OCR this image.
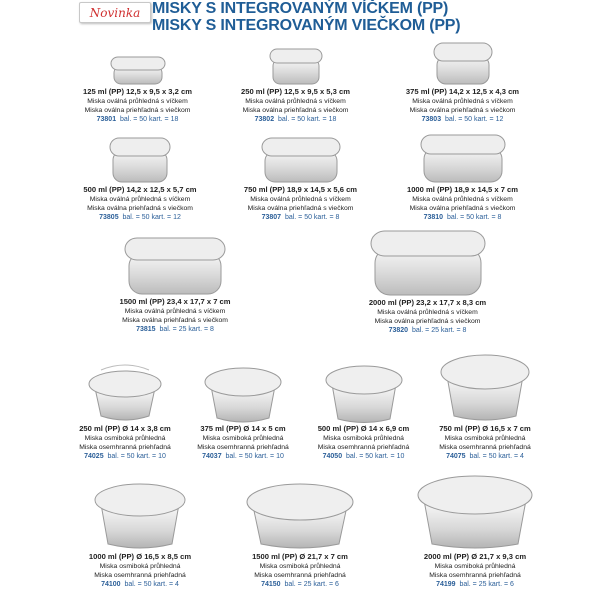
Novinka MISKY S INTEGROVANÝM VÍČKEM (PP)
MISKY S INTEGROVANÝM VIEČKOM (PP)
125 ml (PP) 12,5 x 9,5 x 3,2 cm
Miska oválná průhledná s víčkem
Miska oválna priehľadná s viečkom
73801 bal. = 50 kart. = 18
250 ml (PP) 12,5 x 9,5 x 5,3 cm
Miska oválná průhledná s víčkem
Miska oválna priehľadná s viečkom
73802 bal. = 50 kart. = 18
375 ml (PP) 14,2 x 12,5 x 4,3 cm
Miska oválná průhledná s víčkem
Miska oválna priehľadná s viečkom
73803 bal. = 50 kart. = 12
500 ml (PP) 14,2 x 12,5 x 5,7 cm
Miska oválná průhledná s víčkem
Miska oválna priehľadná s viečkom
73805 bal. = 50 kart. = 12
750 ml (PP) 18,9 x 14,5 x 5,6 cm
Miska oválná průhledná s víčkem
Miska oválna priehľadná s viečkom
73807 bal. = 50 kart. = 8
1000 ml (PP) 18,9 x 14,5 x 7 cm
Miska oválná průhledná s víčkem
Miska oválna priehľadná s viečkom
73810 bal. = 50 kart. = 8
1500 ml (PP) 23,4 x 17,7 x 7 cm
Miska oválná průhledná s víčkem
Miska oválna priehľadná s viečkom
73815 bal. = 25 kart. = 8
2000 ml (PP) 23,2 x 17,7 x 8,3 cm
Miska oválná průhledná s víčkem
Miska oválna priehľadná s viečkom
73820 bal. = 25 kart. = 8
250 ml (PP) Ø 14 x 3,8 cm
Miska osmiboká průhledná
Miska osemhranná priehľadná
74025 bal. = 50 kart. = 10
375 ml (PP) Ø 14 x 5 cm
Miska osmiboká průhledná
Miska osemhranná priehľadná
74037 bal. = 50 kart. = 10
500 ml (PP) Ø 14 x 6,9 cm
Miska osmiboká průhledná
Miska osemhranná priehľadná
74050 bal. = 50 kart. = 10
750 ml (PP) Ø 16,5 x 7 cm
Miska osmiboká průhledná
Miska osemhranná priehľadná
74075 bal. = 50 kart. = 4
1000 ml (PP) Ø 16,5 x 8,5 cm
Miska osmiboká průhledná
Miska osemhranná priehľadná
74100 bal. = 50 kart. = 4
1500 ml (PP) Ø 21,7 x 7 cm
Miska osmiboká průhledná
Miska osemhranná priehľadná
74150 bal. = 25 kart. = 6
2000 ml (PP) Ø 21,7 x 9,3 cm
Miska osmiboká průhledná
Miska osemhranná priehľadná
74199 bal. = 25 kart. = 6
